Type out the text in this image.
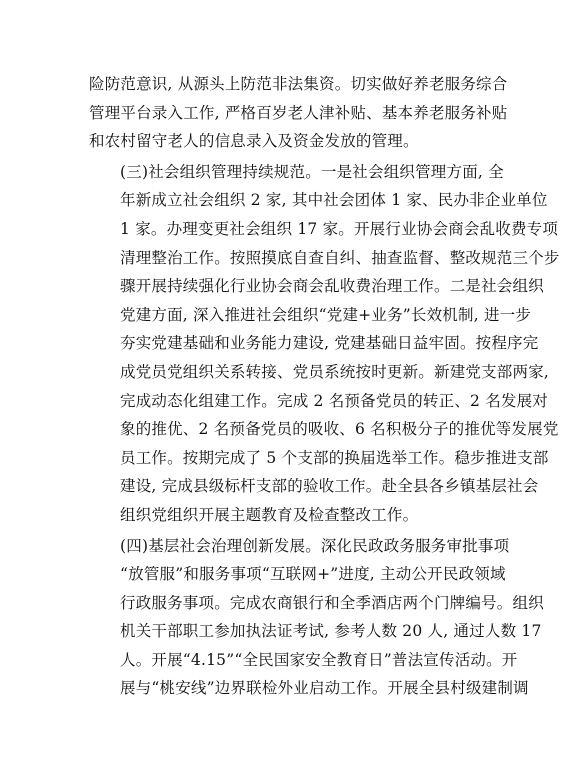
险防范意识, 从源头上防范非法集资。切实做好养老服务综合
管理平台录入工作, 严格百岁老人津补贴、基本养老服务补贴
和农村留守老人的信息录入及资金发放的管理。

(三)社会组织管理持续规范。一是社会组织管理方面, 全
年新成立社会组织 2 家, 其中社会团体 1 家、民办非企业单位
1 家。办理变更社会组织 17 家。开展行业协会商会乱收费专项
清理整治工作。按照摸底自查自纠、抽查监督、整改规范三个步
骤开展持续强化行业协会商会乱收费治理工作。二是社会组织
党建方面, 深入推进社会组织“党建+业务”长效机制, 进一步
夯实党建基础和业务能力建设, 党建基础日益牢固。按程序完
成党员党组织关系转接、党员系统按时更新。新建党支部两家,
完成动态化组建工作。完成 2 名预备党员的转正、2 名发展对
象的推优、2 名预备党员的吸收、6 名积极分子的推优等发展党
员工作。按期完成了 5 个支部的换届选举工作。稳步推进支部
建设, 完成县级标杆支部的验收工作。赴全县各乡镇基层社会
组织党组织开展主题教育及检查整改工作。

(四)基层社会治理创新发展。深化民政政务服务审批事项
“放管服”和服务事项“互联网+”进度, 主动公开民政领域
行政服务事项。完成农商银行和全季酒店两个门牌编号。组织
机关干部职工参加执法证考试, 参考人数 20 人, 通过人数 17
人。开展“4.15”“全民国家安全教育日”普法宣传活动。开
展与“桃安线”边界联检外业启动工作。开展全县村级建制调
